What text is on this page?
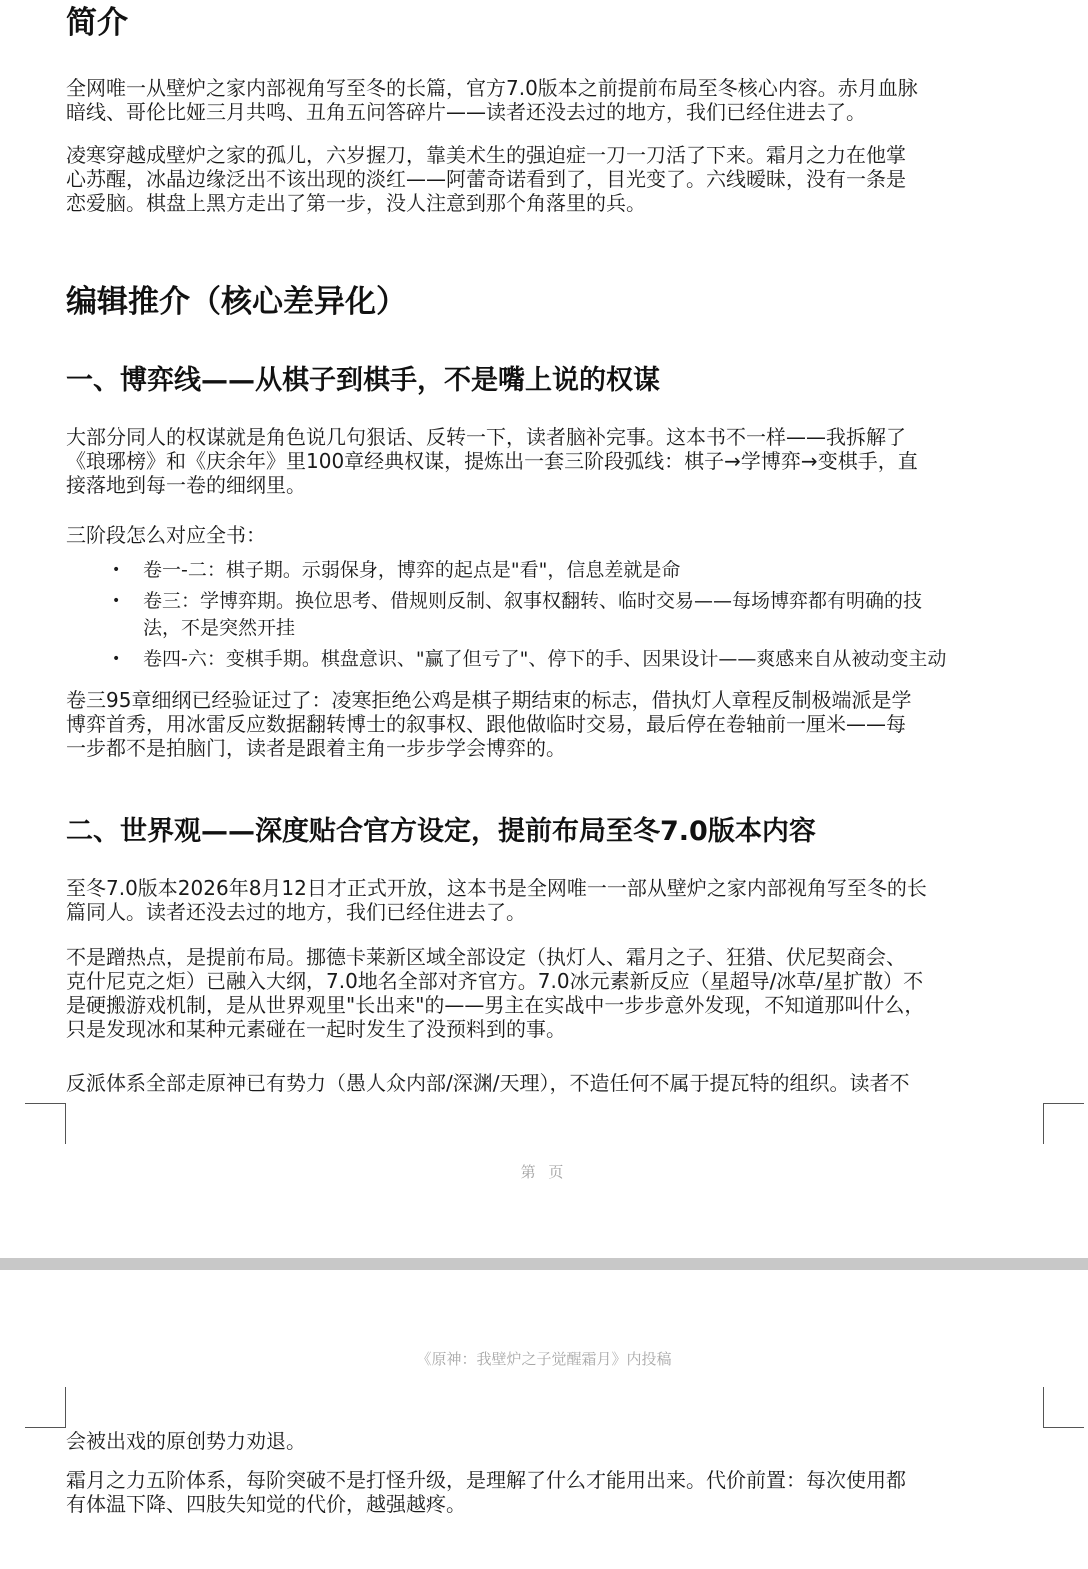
简介

全网唯一从壁炉之家内部视角写至冬的长篇，官方7.0版本之前提前布局至冬核心内容。赤月血脉

暗线、哥伦比娅三月共鸣、丑角五问答碎片——读者还没去过的地方，我们已经住进去了。

凌寒穿越成壁炉之家的孤儿，六岁握刀，靠美术生的强迫症一刀一刀活了下来。霜月之力在他掌

心苏醒，冰晶边缘泛出不该出现的淡红——阿蕾奇诺看到了，目光变了。六线暧昧，没有一条是

恋爱脑。棋盘上黑方走出了第一步，没人注意到那个角落里的兵。

编辑推介（核心差异化）
一、博弈线——从棋子到棋手，不是嘴上说的权谋

大部分同人的权谋就是角色说几句狠话、反转一下，读者脑补完事。这本书不一样——我拆解了

《琅琊榜》和《庆余年》里100章经典权谋，提炼出一套三阶段弧线：棋子→学博弈→变棋手，直

接落地到每一卷的细纲里。

三阶段怎么对应全书：

• 卷一-二：棋子期。示弱保身，博弈的起点是"看"，信息差就是命
• 卷三：学博弈期。换位思考、借规则反制、叙事权翻转、临时交易——每场博弈都有明确的技
法，不是突然开挂
• 卷四-六：变棋手期。棋盘意识、"赢了但亏了"、停下的手、因果设计——爽感来自从被动变主动

卷三95章细纲已经验证过了：凌寒拒绝公鸡是棋子期结束的标志，借执灯人章程反制极端派是学

博弈首秀，用冰雷反应数据翻转博士的叙事权、跟他做临时交易，最后停在卷轴前一厘米——每

一步都不是拍脑门，读者是跟着主角一步步学会博弈的。

二、世界观——深度贴合官方设定，提前布局至冬7.0版本内容

至冬7.0版本2026年8月12日才正式开放，这本书是全网唯一一部从壁炉之家内部视角写至冬的长

篇同人。读者还没去过的地方，我们已经住进去了。

不是蹭热点，是提前布局。挪德卡莱新区域全部设定（执灯人、霜月之子、狂猎、伏尼契商会、

克什尼克之炬）已融入大纲，7.0地名全部对齐官方。7.0冰元素新反应（星超导/冰草/星扩散）不

是硬搬游戏机制，是从世界观里"长出来"的——男主在实战中一步步意外发现，不知道那叫什么，

只是发现冰和某种元素碰在一起时发生了没预料到的事。

反派体系全部走原神已有势力（愚人众内部/深渊/天理），不造任何不属于提瓦特的组织。读者不

第 页
《原神：我壁炉之子觉醒霜月》内投稿

会被出戏的原创势力劝退。

霜月之力五阶体系，每阶突破不是打怪升级，是理解了什么才能用出来。代价前置：每次使用都

有体温下降、四肢失知觉的代价，越强越疼。
